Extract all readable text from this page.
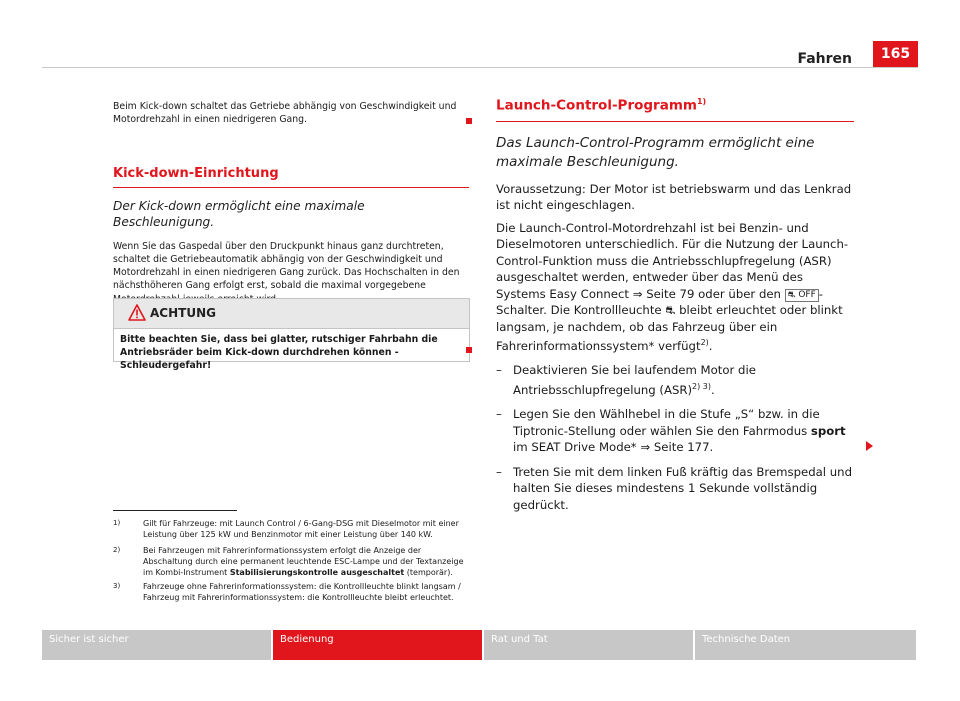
Fahren	165

Beim Kick-down schaltet das Getriebe abhängig von Geschwindigkeit und Motordrehzahl in einen niedrigeren Gang.

Kick-down-Einrichtung

Der Kick-down ermöglicht eine maximale Beschleunigung.

Wenn Sie das Gaspedal über den Druckpunkt hinaus ganz durchtreten, schaltet die Getriebeautomatik abhängig von der Geschwindigkeit und Motordrehzahl in einen niedrigeren Gang zurück. Das Hochschalten in den nächsthöheren Gang erfolgt erst, sobald die maximal vorgegebene

ACHTUNG
Bitte beachten Sie, dass bei glatter, rutschiger Fahrbahn die Antriebsräder beim Kick-down durchdrehen können - Schleudergefahr!
Launch-Control-Programm$^{1)}$

Das Launch-Control-Programm ermöglicht eine maximale Beschleunigung.

Voraussetzung: Der Motor ist betriebswarm und das Lenkrad ist nicht eingeschlagen.

Die Launch-Control-Motordrehzahl ist bei Benzin- und Dieselmotoren unterschiedlich. Für die Nutzung der Launch-Control-Funktion muss die Antriebsschlupfregelung (ASR) ausgeschaltet werden, entweder über das Menü des Systems Easy Connect ⇒ Seite 79 oder über den ⛐ OFF -Schalter. Die Kontrollleuchte ⛐ bleibt erleuchtet oder blinkt langsam, je nachdem, ob das Fahrzeug über ein Fahrerinformationssystem* verfügt$^{2)}$.

– Deaktivieren Sie bei laufendem Motor die Antriebsschlupfregelung (ASR)$^{2) 3)}$.

– Legen Sie den Wählhebel in die Stufe „S“ bzw. in die Tiptronic-Stellung oder wählen Sie den Fahrmodus sport im SEAT Drive Mode* ⇒ Seite 177.

– Treten Sie mit dem linken Fuß kräftig das Bremspedal und halten Sie dieses mindestens 1 Sekunde vollständig gedrückt.

1)	Gilt für Fahrzeuge: mit Launch Control / 6-Gang-DSG mit Dieselmotor mit einer Leistung über 125 kW und Benzinmotor mit einer Leistung über 140 kW.
2)	Bei Fahrzeugen mit Fahrerinformationssystem erfolgt die Anzeige der Abschaltung durch eine permanent leuchtende ESC-Lampe und der Textanzeige im Kombi-Instrument Stabilisierungskontrolle ausgeschaltet (temporär).
3)	Fahrzeuge ohne Fahrerinformationssystem: die Kontrollleuchte blinkt langsam / Fahrzeug mit Fahrerinformationssystem: die Kontrollleuchte bleibt erleuchtet.
Sicher ist sicher	Bedienung	Rat und Tat	Technische Daten
